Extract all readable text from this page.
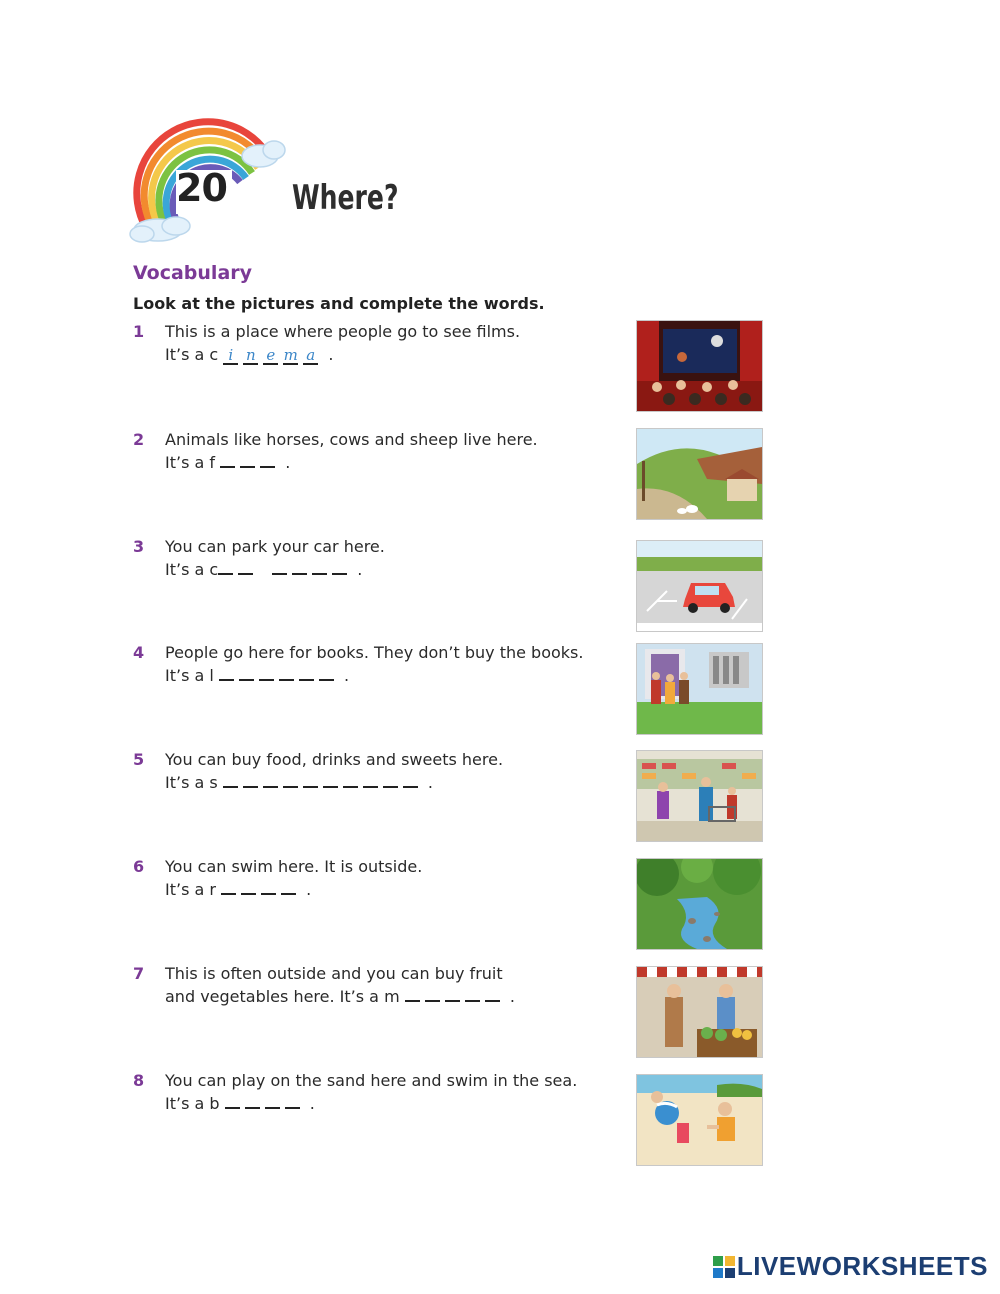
20 Where?
Vocabulary
Look at the pictures and complete the words.
1 This is a place where people go to see films.
It’s a c i n e m a .
2 Animals like horses, cows and sheep live here.
It’s a f	.
3 You can park your car here.
It’s a c	.
4 People go here for books. They don’t buy the books.
It’s a l	.
5 You can buy food, drinks and sweets here.
It’s a s	.
6 You can swim here. It is outside.
It’s a r	.
7 This is often outside and you can buy fruit
and vegetables here. It’s a m	.
8 You can play on the sand here and swim in the sea.
It’s a b	.
LIVEWORKSHEETS
